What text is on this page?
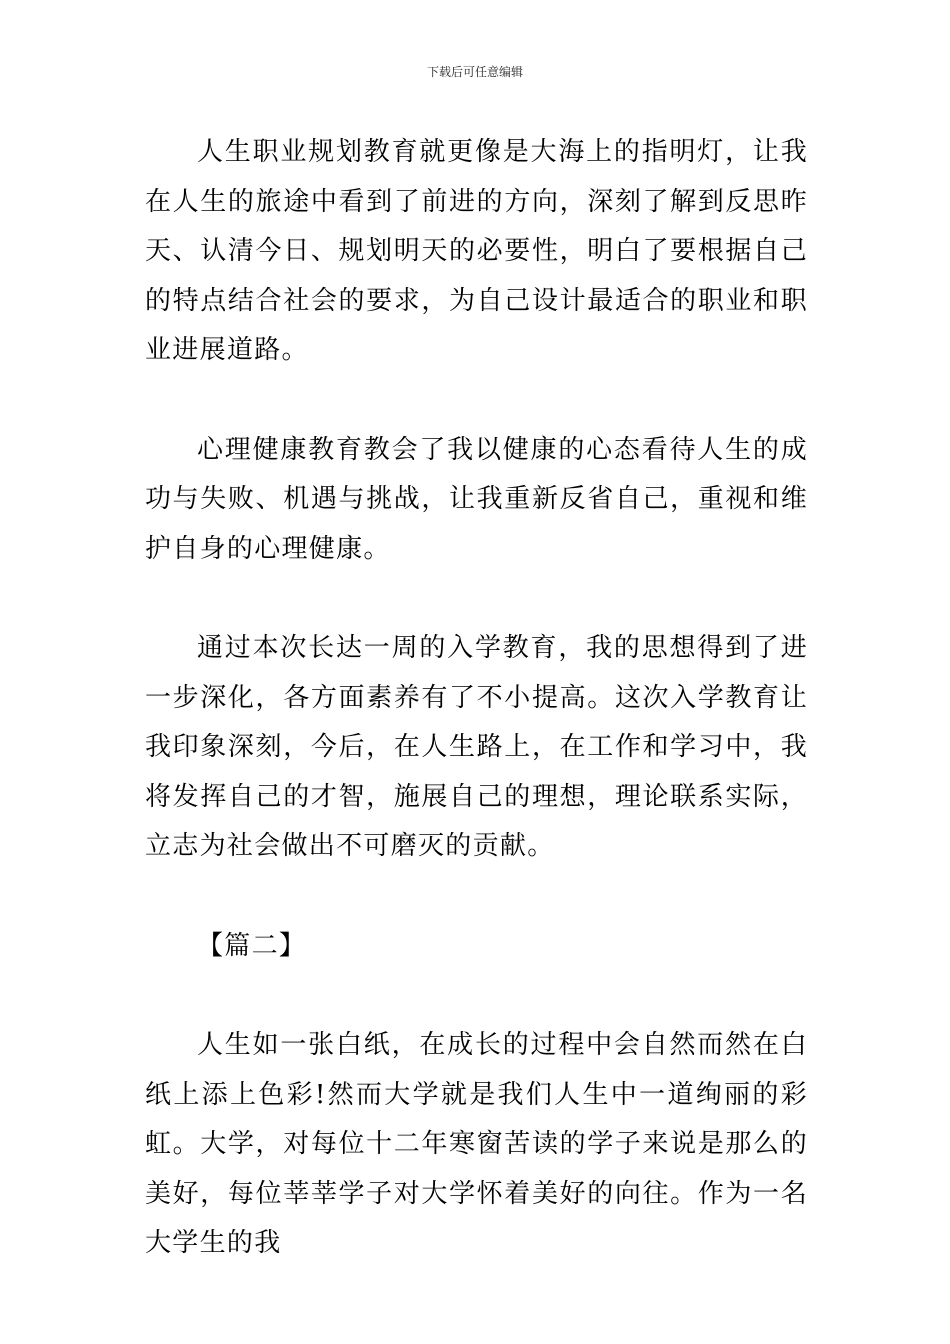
下载后可任意编辑

人生职业规划教育就更像是大海上的指明灯，让我在人生的旅途中看到了前进的方向，深刻了解到反思昨天、认清今日、规划明天的必要性，明白了要根据自己的特点结合社会的要求，为自己设计最适合的职业和职业进展道路。

心理健康教育教会了我以健康的心态看待人生的成功与失败、机遇与挑战，让我重新反省自己，重视和维护自身的心理健康。

通过本次长达一周的入学教育，我的思想得到了进一步深化，各方面素养有了不小提高。这次入学教育让我印象深刻，今后，在人生路上，在工作和学习中，我将发挥自己的才智，施展自己的理想，理论联系实际，立志为社会做出不可磨灭的贡献。

【篇二】

人生如一张白纸，在成长的过程中会自然而然在白纸上添上色彩!然而大学就是我们人生中一道绚丽的彩虹。大学，对每位十二年寒窗苦读的学子来说是那么的美好，每位莘莘学子对大学怀着美好的向往。作为一名大学生的我
